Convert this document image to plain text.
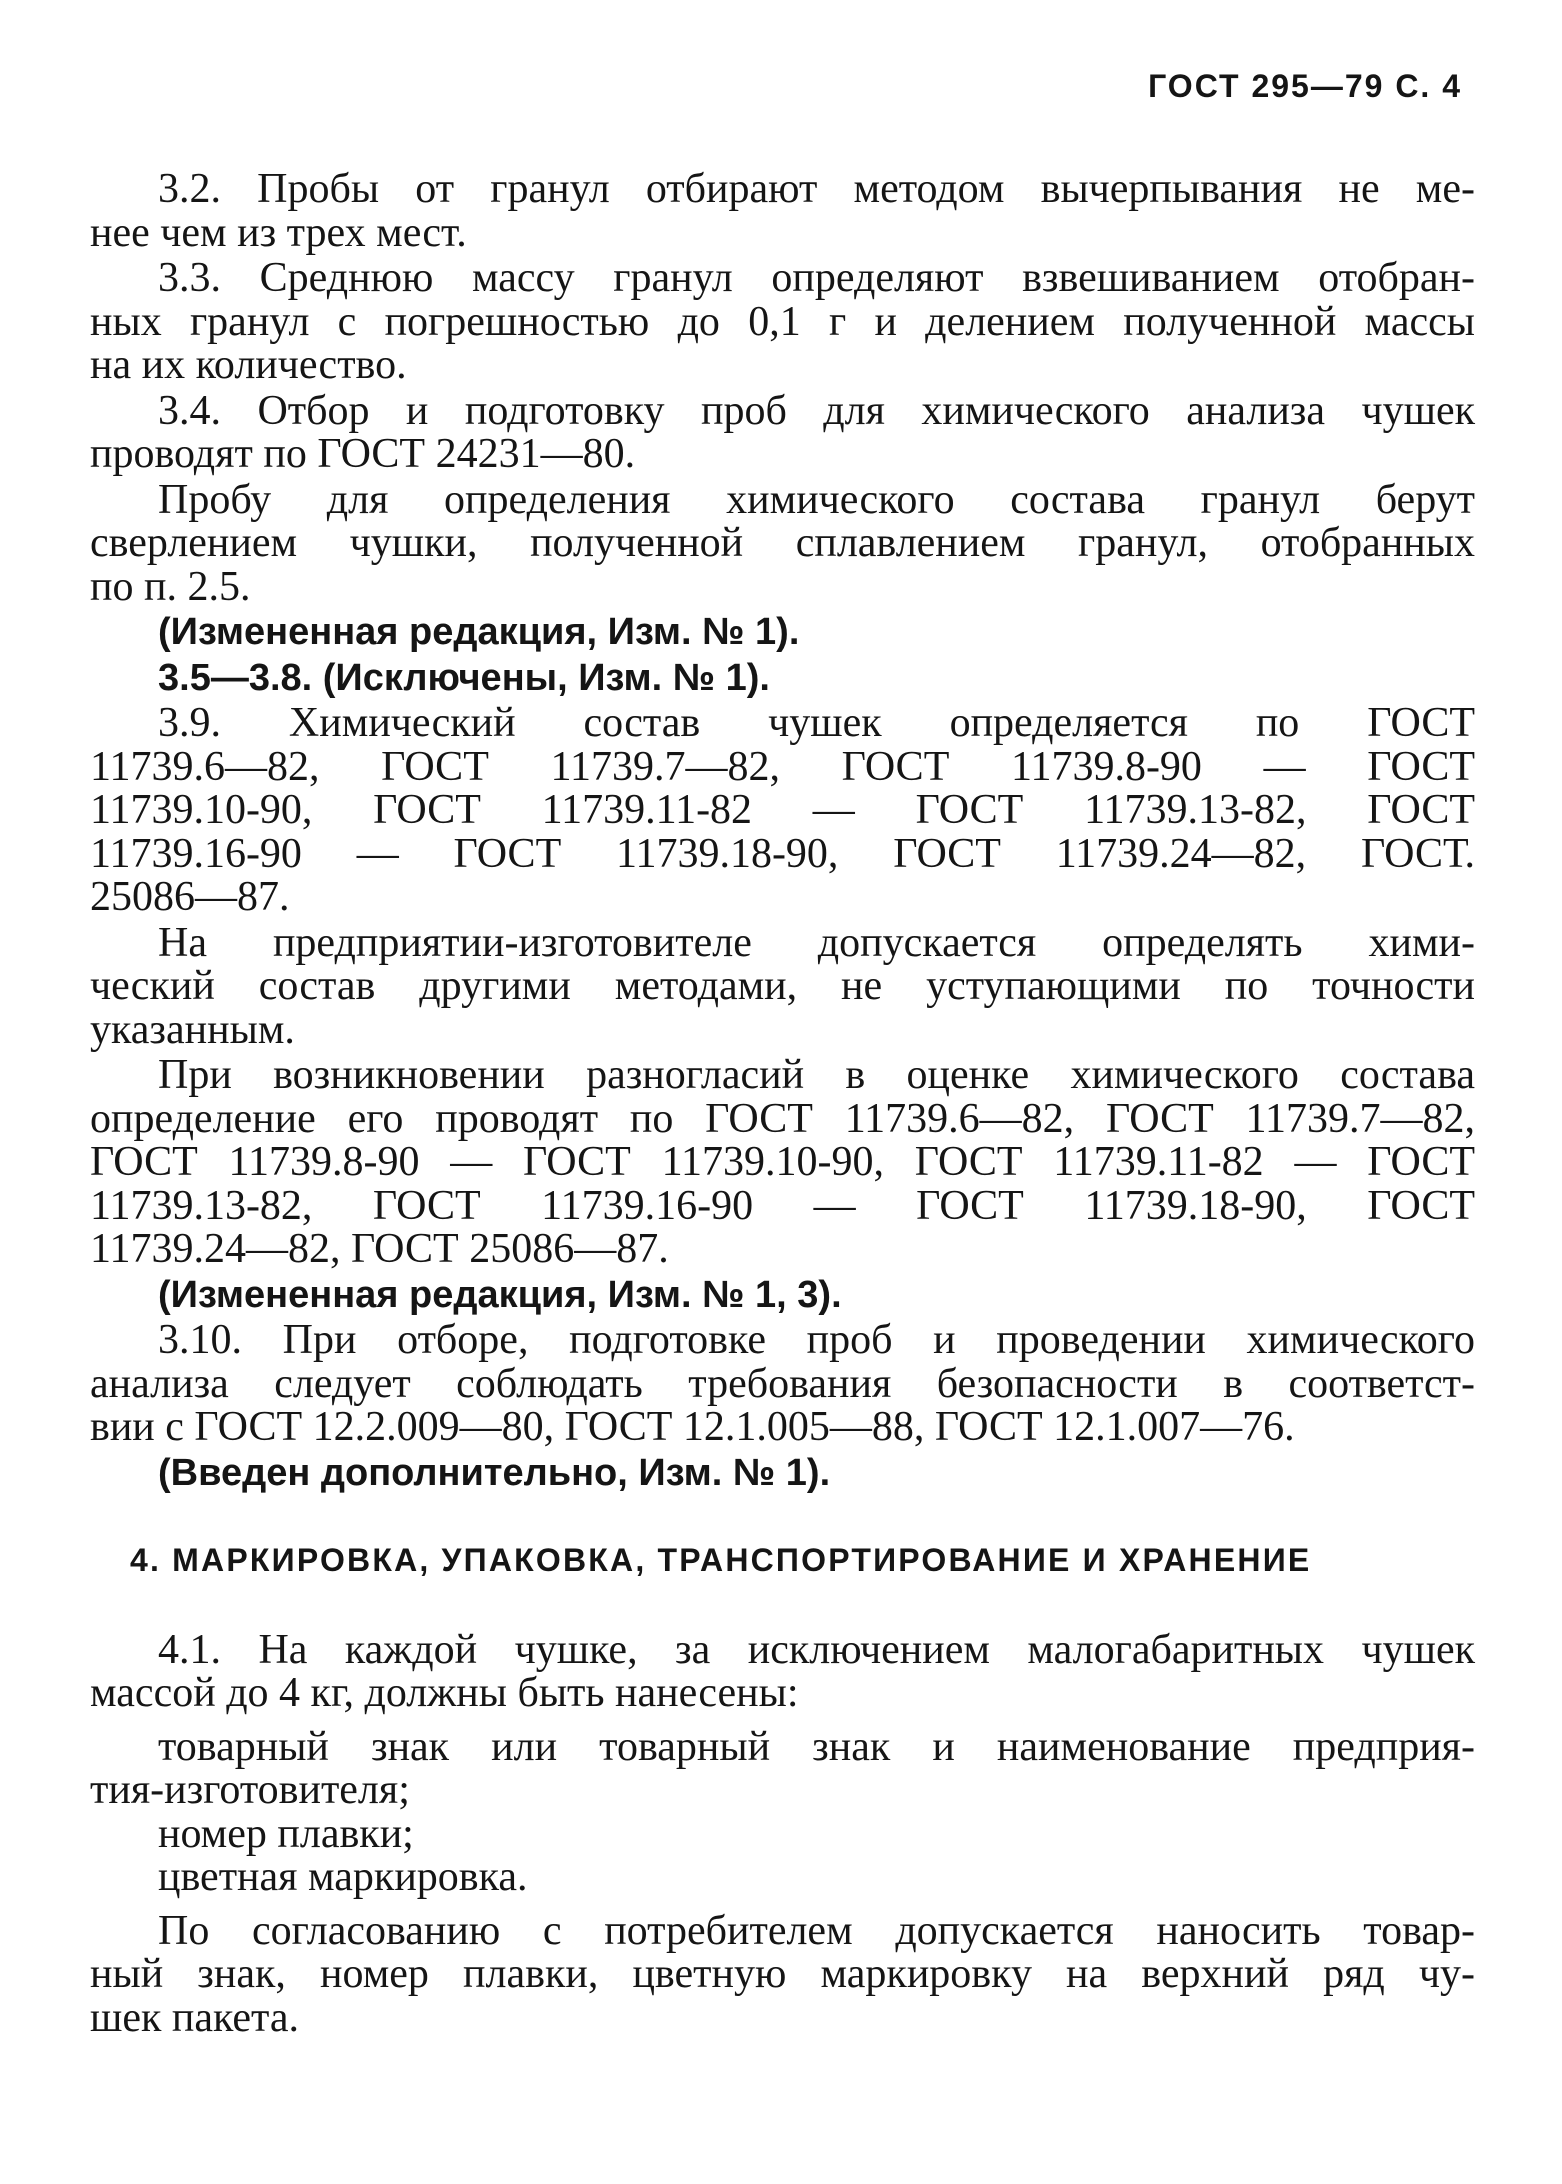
ГОСТ 295—79 С. 4
3.2. Пробы от гранул отбирают методом вычерпывания не ме-
нее чем из трех мест.
3.3. Среднюю массу гранул определяют взвешиванием отобран-
ных гранул с погрешностью до 0,1 г и делением полученной массы
на их количество.
3.4. Отбор и подготовку проб для химического анализа чушек
проводят по ГОСТ 24231—80.
Пробу для определения химического состава гранул берут
сверлением чушки, полученной сплавлением гранул, отобранных
по п. 2.5.
(Измененная редакция, Изм. № 1).
3.5—3.8. (Исключены, Изм. № 1).
3.9. Химический состав чушек определяется по ГОСТ
11739.6—82, ГОСТ 11739.7—82, ГОСТ 11739.8-90 — ГОСТ
11739.10-90, ГОСТ 11739.11-82 — ГОСТ 11739.13-82, ГОСТ
11739.16-90 — ГОСТ 11739.18-90, ГОСТ 11739.24—82, ГОСТ.
25086—87.
На предприятии-изготовителе допускается определять хими-
ческий состав другими методами, не уступающими по точности
указанным.
При возникновении разногласий в оценке химического состава
определение его проводят по ГОСТ 11739.6—82, ГОСТ 11739.7—82,
ГОСТ 11739.8-90 — ГОСТ 11739.10-90, ГОСТ 11739.11-82 — ГОСТ
11739.13-82, ГОСТ 11739.16-90 — ГОСТ 11739.18-90, ГОСТ
11739.24—82, ГОСТ 25086—87.
(Измененная редакция, Изм. № 1, 3).
3.10. При отборе, подготовке проб и проведении химического
анализа следует соблюдать требования безопасности в соответст-
вии с ГОСТ 12.2.009—80, ГОСТ 12.1.005—88, ГОСТ 12.1.007—76.
(Введен дополнительно, Изм. № 1).
4. МАРКИРОВКА, УПАКОВКА, ТРАНСПОРТИРОВАНИЕ И ХРАНЕНИЕ
4.1. На каждой чушке, за исключением малогабаритных чушек
массой до 4 кг, должны быть нанесены:
товарный знак или товарный знак и наименование предприя-
тия-изготовителя;
номер плавки;
цветная маркировка.
По согласованию с потребителем допускается наносить товар-
ный знак, номер плавки, цветную маркировку на верхний ряд чу-
шек пакета.
